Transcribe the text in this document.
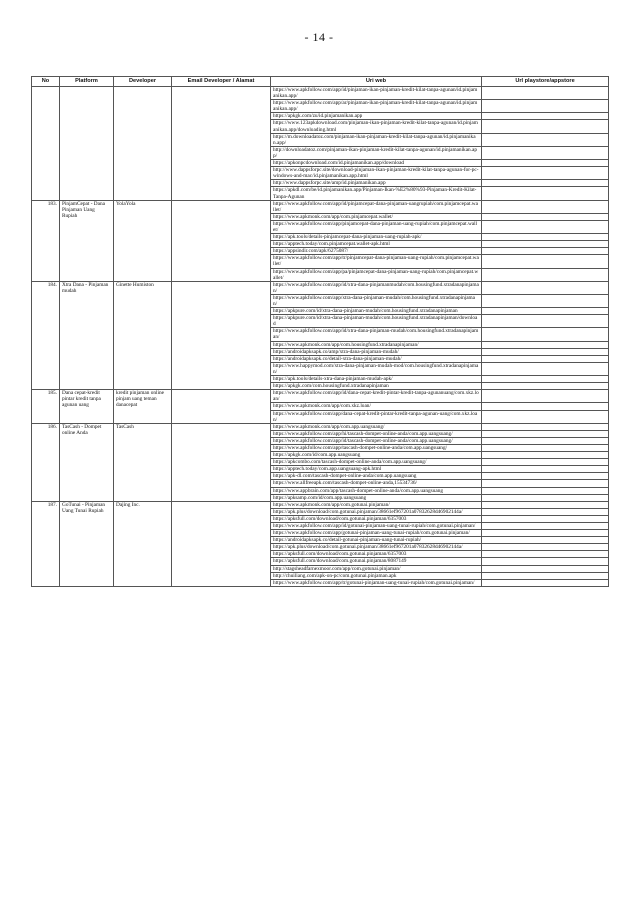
- 14 -
No	Platform	Developer	Email Developer / Alamat	Uri web	Url playstore/appstore
				https://www.apkfollow.com/app/id/pinjaman-ikan-pinjaman-kredit-kilat-tanpa-agunan/id.pinjamanikan.app/	
				https://www.apkfollow.com/app/ar/pinjaman-ikan-pinjaman-kredit-kilat-tanpa-agunan/id.pinjamanikan.app/	
				https://apkgk.com/zu/id.pinjamanikan.app	
				https://www.123apkdownload.com/pinjaman-ikan-pinjaman-kredit-kilat-tanpa-agunan/id.pinjamanikan.app/downloading.html	
				https://m.downloadatoz.com/pinjaman-ikan-pinjaman-kredit-kilat-tanpa-agunan/id.pinjamanikan.app/	
				http://downloadatoz.com/pinjaman-ikan-pinjaman-kredit-kilat-tanpa-agunan/id.pinjamanikan.app/	
				https://apkonpcdownload.com/id.pinjamanikan.app/download	
				http://www.dappsforpc.site/download-pinjaman-ikan-pinjaman-kredit-kilat-tanpa-agunan-for-pc-windows-and-mac/id.pinjamanikan.app.html	
				http://www.dappsforpc.site/amp/id.pinjamanikan.app	
				https://apkdl.com/be/id.pinjamanikan.app/Pinjaman-Ikan-%E2%80%93-Pinjaman-Kredit-Kilat-Tanpa-Agunan	
183.	PinjamCepat - Dana Pinjaman Uang Rupiah	YolaYola		https://www.apkfollow.com/app/id/pinjamcepat-dana-pinjaman-uangrupiah/com.pinjamcepat.wallet/	
				https://www.apkmonk.com/app/com.pinjamcepat.wallet/	
				https://www.apkfollow.com/app/pinjamcepat-dana-pinjaman-uang-rupiah/com.pinjamcepat.wallet/	
				https://apk.tools/details-pinjamcepat-dana-pinjaman-uang-rupiah-apk/	
				https://apptech.today/com.pinjamcepat.wallet-apk.html	
				https://appsindir.com/apk/6275087/	
				https://www.apkfollow.com/app/tr/pinjamcepat-dana-pinjaman-uang-rupiah/com.pinjamcepat.wallet/	
				https://www.apkfollow.com/app/pa/pinjamcepat-dana-pinjaman-uang-rupiah/com.pinjamcepat.wallet/	
184.	Xtra Dana - Pinjaman mudah	Ginette Humiston		https://www.apkfollow.com/app/id/xtra-dana-pinjamanmudah/com.housingfund.xtradanapinjaman/	
				https://www.apkfollow.com/app/xtra-dana-pinjaman-mudah/com.housingfund.xtradanapinjaman/	
				https://apkpure.com/id/xtra-dana-pinjaman-mudah/com.housingfund.xtradanapinjaman	
				https://apkpure.com/id/xtra-dana-pinjaman-mudah/com.housingfund.xtradanapinjaman/download	
				https://www.apkfollow.com/app/id/xtra-dana-pinjaman-mudah/com.housingfund.xtradanapinjaman/	
				https://www.apkmonk.com/app/com.housingfund.xtradanapinjaman/	
				https://androidapksapk.co/amp/xtra-dana-pinjaman-mudah/	
				https://androidapksapk.co/detail-xtra-dana-pinjaman-mudah/	
				https://www.happymod.com/xtra-dana-pinjaman-mudah-mod/com.housingfund.xtradanapinjaman/	
				https://apk.tools/details-xtra-dana-pinjaman-mudah-apk/	
				https://apkgk.com/com.housingfund.xtradanapinjaman	
185.	Dana cepat-kredit pintar kredit tanpa agunan uang	kredit pinjaman online pinjam uang teman danacepat		https://www.apkfollow.com/app/id/dana-cepat-kredit-pintar-kredit-tanpa-agunanuang/com.xkz.loan/	
				https://www.apkmonk.com/app/com.xkz.loan/	
				https://www.apkfollow.com/app/dana-cepat-kredit-pintar-kredit-tanpa-agunan-uang/com.xkz.loan/	
186.	TasCash - Dompet online Anda	TasCash		https://www.apkmonk.com/app/com.app.uangsuang/	
				https://www.apkfollow.com/app/hi/tascash-dompet-online-anda/com.app.uangsuang/	
				https://www.apkfollow.com/app/id/tascash-dompet-online-anda/com.app.uangsuang/	
				https://www.apkfollow.com/app/tascash-dompet-online-anda/com.app.uangsuang/	
				https://apkgk.com/id/com.app.uangsuang	
				https://apkcombo.com/tascash-dompet-online-anda/com.app.uangsuang/	
				https://apptech.today/com.app.uangsuang-apk.html	
				https://apk-dl.com/tascash-dompet-online-anda/com.app.uangsuang	
				https://www.allfreeapk.com/tascash-dompet-online-anda,15534736/	
				https://www.appbrain.com/app/tascash-dompet-online-anda/com.app.uangsuang	
				https://apksamp.com/id/com.app.uangsuang	
187.	GoTunai - Pinjaman Uang Tunai Rupiah	Dajing Inc.		https://www.apkmonk.com/app/com.gotunai.pinjaman/	
				https://apk.plus/download/com.gotunai.pinjaman/38661ef967201a07832628d46902144a/	
				https://apksfull.com/download/com.gotunai.pinjaman/6357003	
				https://www.apkfollow.com/app/id/gotunai-pinjaman-uang-tunai-rupiah/com.gotunai.pinjaman/	
				https://www.apkfollow.com/app/gotunai-pinjaman-uang-tunai-rupiah/com.gotunai.pinjaman/	
				https://androidapksapk.co/detail-gotunai-pinjaman-uang-tunai-rupiah/	
				https://apk.plus/download/com.gotunai.pinjaman/38661ef967201a07832628d46902144a/	
				https://apksfull.com/download/com.gotunai.pinjaman/6357003	
				https://apksfull.com/download/com.gotunai.pinjaman/8087149	
				http://stagsheadfarnexmoor.com/app/com.gotunai.pinjaman/	
				http://chuiliang.com/apk-on-pc/com.gotunai.pinjaman.apk	
				https://www.apkfollow.com/app/tr/gotunai-pinjaman-uang-tunai-rupiah/com.gotunai.pinjaman/	
